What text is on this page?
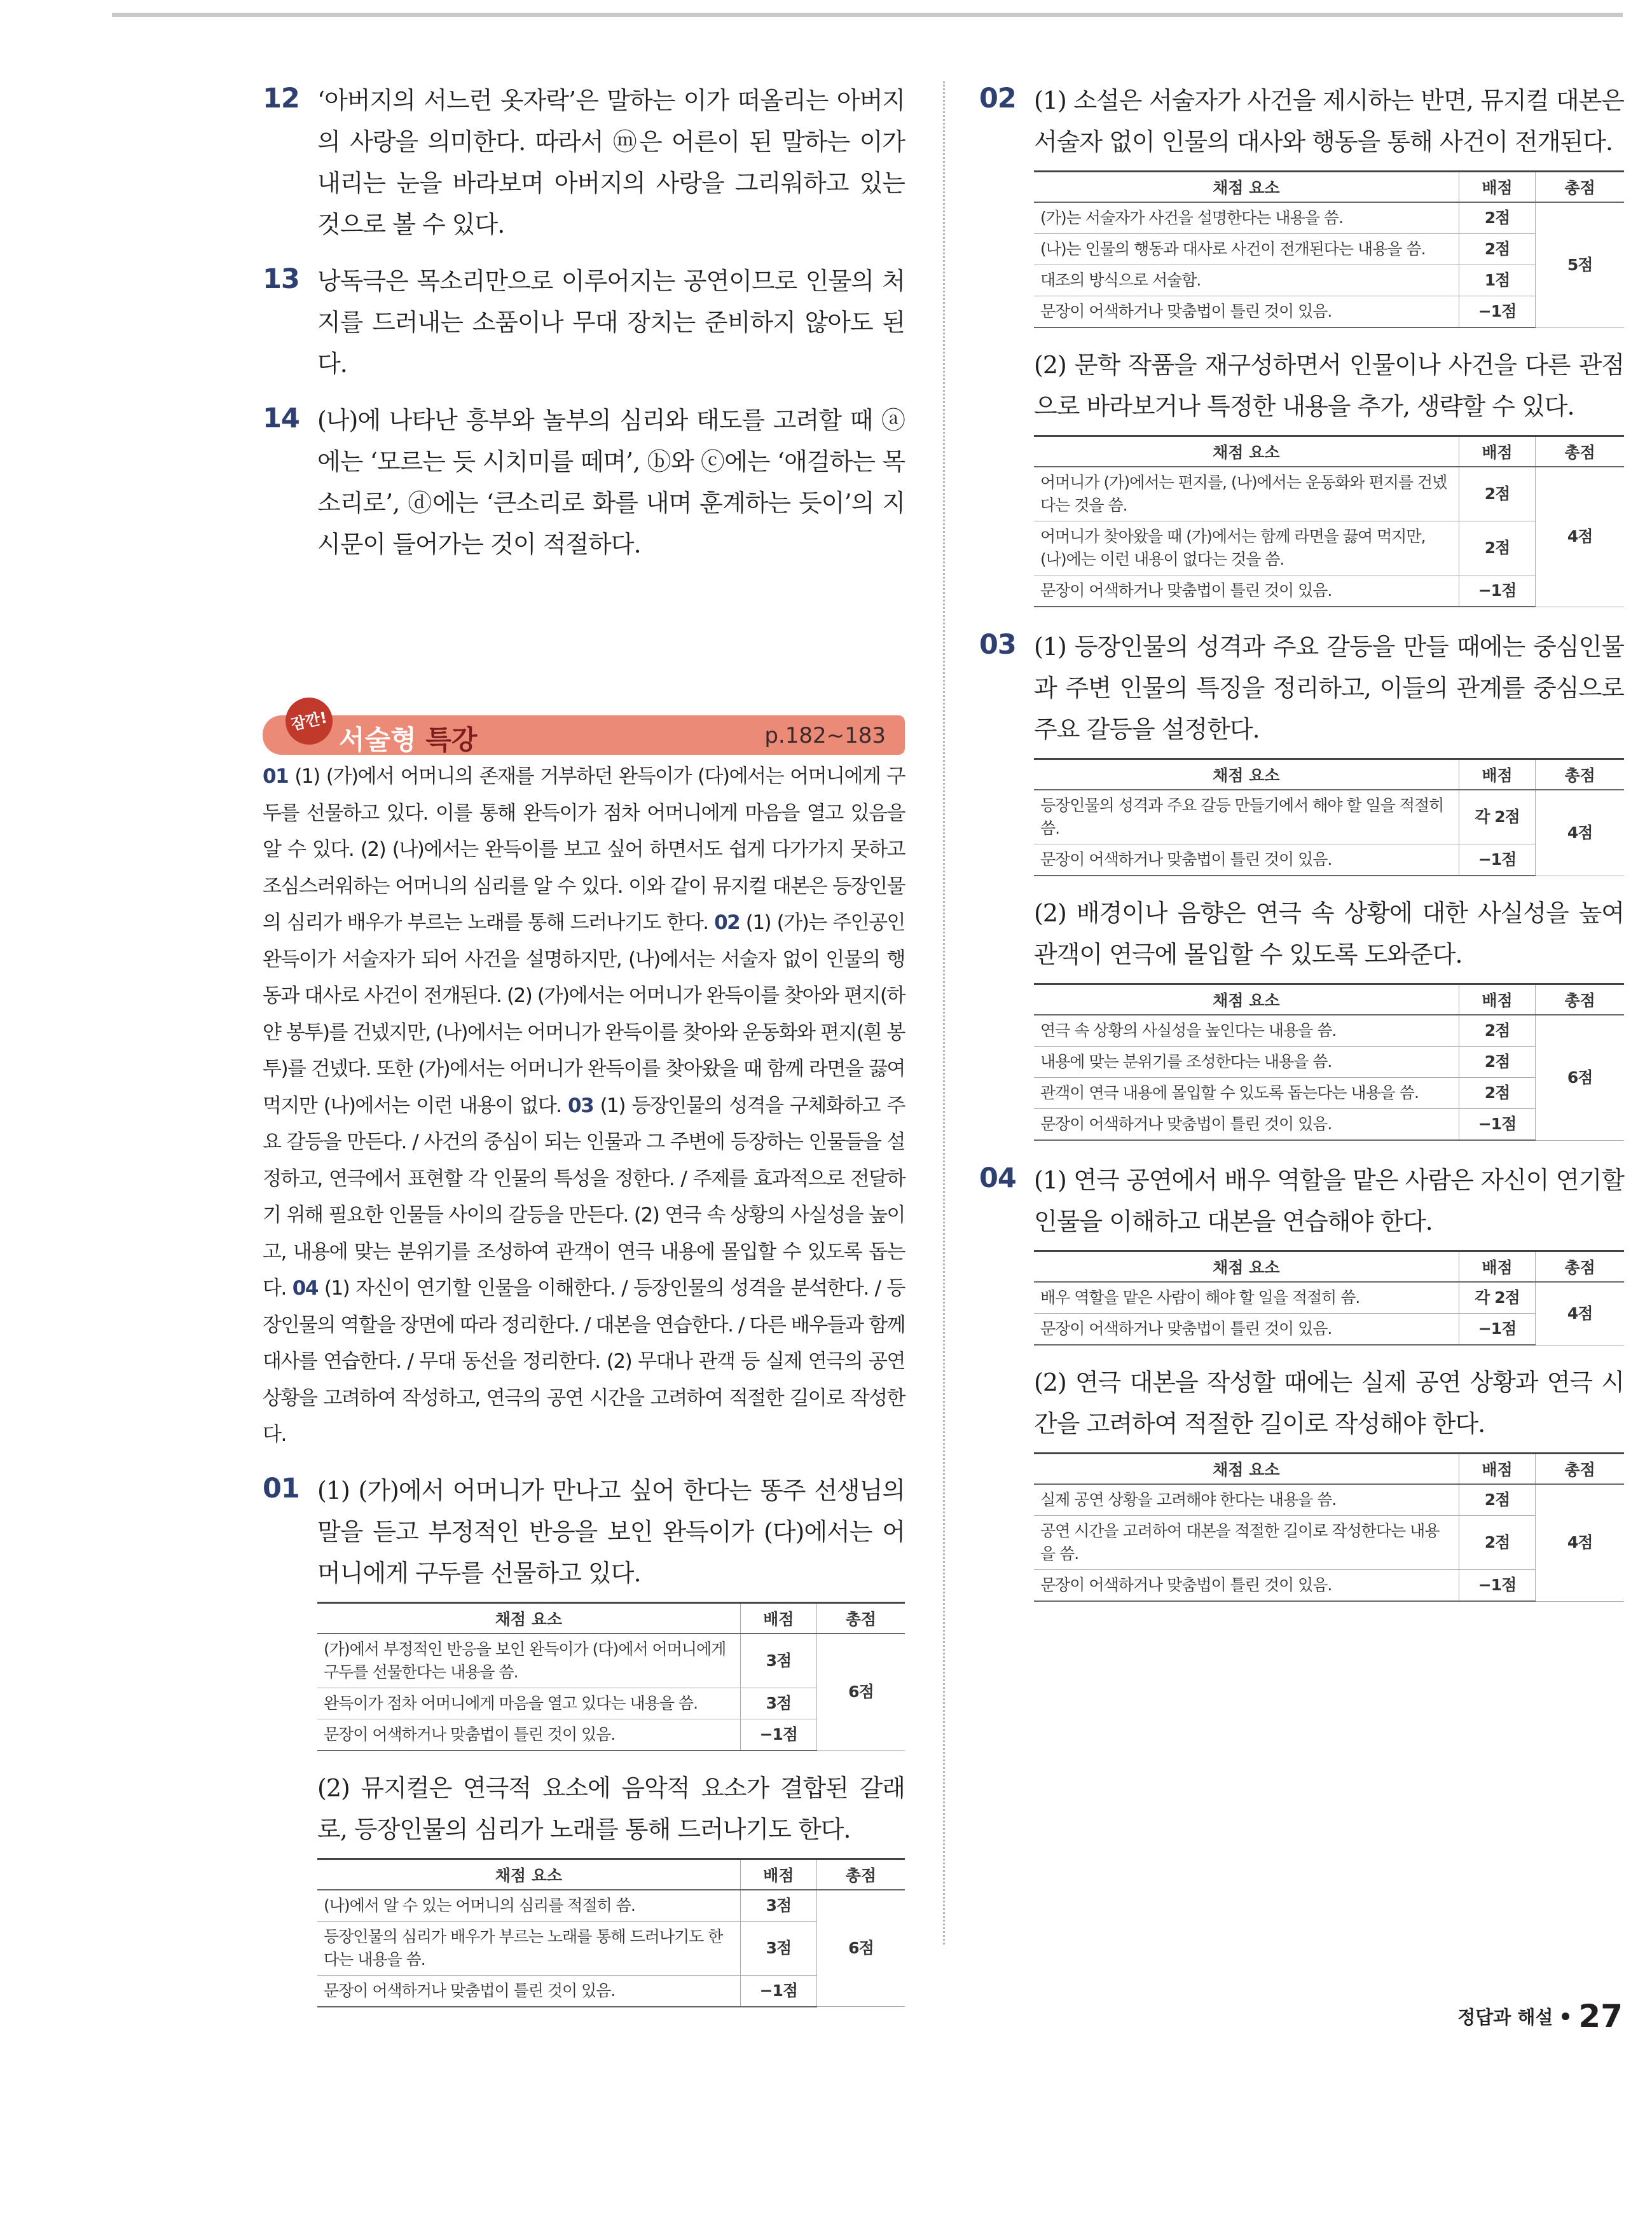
12 ‘아버지의 서느런 옷자락’은 말하는 이가 떠올리는 아버지의 사랑을 의미한다. 따라서 ⓜ은 어른이 된 말하는 이가 내리는 눈을 바라보며 아버지의 사랑을 그리워하고 있는 것으로 볼 수 있다.
13 낭독극은 목소리만으로 이루어지는 공연이므로 인물의 처지를 드러내는 소품이나 무대 장치는 준비하지 않아도 된다.
14 (나)에 나타난 흥부와 놀부의 심리와 태도를 고려할 때 ⓐ에는 ‘모르는 듯 시치미를 떼며’, ⓑ와 ⓒ에는 ‘애걸하는 목소리로’, ⓓ에는 ‘큰소리로 화를 내며 훈계하는 듯이’의 지시문이 들어가는 것이 적절하다.
잠깐!
서술형 특강	p.182~183
01 (1) (가)에서 어머니의 존재를 거부하던 완득이가 (다)에서는 어머니에게 구두를 선물하고 있다. 이를 통해 완득이가 점차 어머니에게 마음을 열고 있음을 알 수 있다. (2) (나)에서는 완득이를 보고 싶어 하면서도 쉽게 다가가지 못하고 조심스러워하는 어머니의 심리를 알 수 있다. 이와 같이 뮤지컬 대본은 등장인물의 심리가 배우가 부르는 노래를 통해 드러나기도 한다. 02 (1) (가)는 주인공인 완득이가 서술자가 되어 사건을 설명하지만, (나)에서는 서술자 없이 인물의 행동과 대사로 사건이 전개된다. (2) (가)에서는 어머니가 완득이를 찾아와 편지(하얀 봉투)를 건넸지만, (나)에서는 어머니가 완득이를 찾아와 운동화와 편지(흰 봉투)를 건넸다. 또한 (가)에서는 어머니가 완득이를 찾아왔을 때 함께 라면을 끓여 먹지만 (나)에서는 이런 내용이 없다. 03 (1) 등장인물의 성격을 구체화하고 주요 갈등을 만든다. / 사건의 중심이 되는 인물과 그 주변에 등장하는 인물들을 설정하고, 연극에서 표현할 각 인물의 특성을 정한다. / 주제를 효과적으로 전달하기 위해 필요한 인물들 사이의 갈등을 만든다. (2) 연극 속 상황의 사실성을 높이고, 내용에 맞는 분위기를 조성하여 관객이 연극 내용에 몰입할 수 있도록 돕는다. 04 (1) 자신이 연기할 인물을 이해한다. / 등장인물의 성격을 분석한다. / 등장인물의 역할을 장면에 따라 정리한다. / 대본을 연습한다. / 다른 배우들과 함께 대사를 연습한다. / 무대 동선을 정리한다. (2) 무대나 관객 등 실제 연극의 공연 상황을 고려하여 작성하고, 연극의 공연 시간을 고려하여 적절한 길이로 작성한다.
01 (1) (가)에서 어머니가 만나고 싶어 한다는 똥주 선생님의 말을 듣고 부정적인 반응을 보인 완득이가 (다)에서는 어머니에게 구두를 선물하고 있다.
채점 요소	배점	총점
(가)에서 부정적인 반응을 보인 완득이가 (다)에서 어머니에게 구두를 선물한다는 내용을 씀.	3점	6점
완득이가 점차 어머니에게 마음을 열고 있다는 내용을 씀.	3점	
문장이 어색하거나 맞춤법이 틀린 것이 있음.	−1점	
(2) 뮤지컬은 연극적 요소에 음악적 요소가 결합된 갈래로, 등장인물의 심리가 노래를 통해 드러나기도 한다.
채점 요소	배점	총점
(나)에서 알 수 있는 어머니의 심리를 적절히 씀.	3점	6점
등장인물의 심리가 배우가 부르는 노래를 통해 드러나기도 한다는 내용을 씀.	3점	
문장이 어색하거나 맞춤법이 틀린 것이 있음.	−1점	
02 (1) 소설은 서술자가 사건을 제시하는 반면, 뮤지컬 대본은 서술자 없이 인물의 대사와 행동을 통해 사건이 전개된다.
채점 요소	배점	총점
(가)는 서술자가 사건을 설명한다는 내용을 씀.	2점	5점
(나)는 인물의 행동과 대사로 사건이 전개된다는 내용을 씀.	2점	
대조의 방식으로 서술함.	1점	
문장이 어색하거나 맞춤법이 틀린 것이 있음.	−1점	
(2) 문학 작품을 재구성하면서 인물이나 사건을 다른 관점으로 바라보거나 특정한 내용을 추가, 생략할 수 있다.
채점 요소	배점	총점
어머니가 (가)에서는 편지를, (나)에서는 운동화와 편지를 건넸다는 것을 씀.	2점	4점
어머니가 찾아왔을 때 (가)에서는 함께 라면을 끓여 먹지만, (나)에는 이런 내용이 없다는 것을 씀.	2점	
문장이 어색하거나 맞춤법이 틀린 것이 있음.	−1점	
03 (1) 등장인물의 성격과 주요 갈등을 만들 때에는 중심인물과 주변 인물의 특징을 정리하고, 이들의 관계를 중심으로 주요 갈등을 설정한다.
채점 요소	배점	총점
등장인물의 성격과 주요 갈등 만들기에서 해야 할 일을 적절히 씀.	각 2점	4점
문장이 어색하거나 맞춤법이 틀린 것이 있음.	−1점	
(2) 배경이나 음향은 연극 속 상황에 대한 사실성을 높여 관객이 연극에 몰입할 수 있도록 도와준다.
채점 요소	배점	총점
연극 속 상황의 사실성을 높인다는 내용을 씀.	2점	6점
내용에 맞는 분위기를 조성한다는 내용을 씀.	2점	
관객이 연극 내용에 몰입할 수 있도록 돕는다는 내용을 씀.	2점	
문장이 어색하거나 맞춤법이 틀린 것이 있음.	−1점	
04 (1) 연극 공연에서 배우 역할을 맡은 사람은 자신이 연기할 인물을 이해하고 대본을 연습해야 한다.
채점 요소	배점	총점
배우 역할을 맡은 사람이 해야 할 일을 적절히 씀.	각 2점	4점
문장이 어색하거나 맞춤법이 틀린 것이 있음.	−1점	
(2) 연극 대본을 작성할 때에는 실제 공연 상황과 연극 시간을 고려하여 적절한 길이로 작성해야 한다.
채점 요소	배점	총점
실제 공연 상황을 고려해야 한다는 내용을 씀.	2점	4점
공연 시간을 고려하여 대본을 적절한 길이로 작성한다는 내용을 씀.	2점	
문장이 어색하거나 맞춤법이 틀린 것이 있음.	−1점	
정답과 해설 27
